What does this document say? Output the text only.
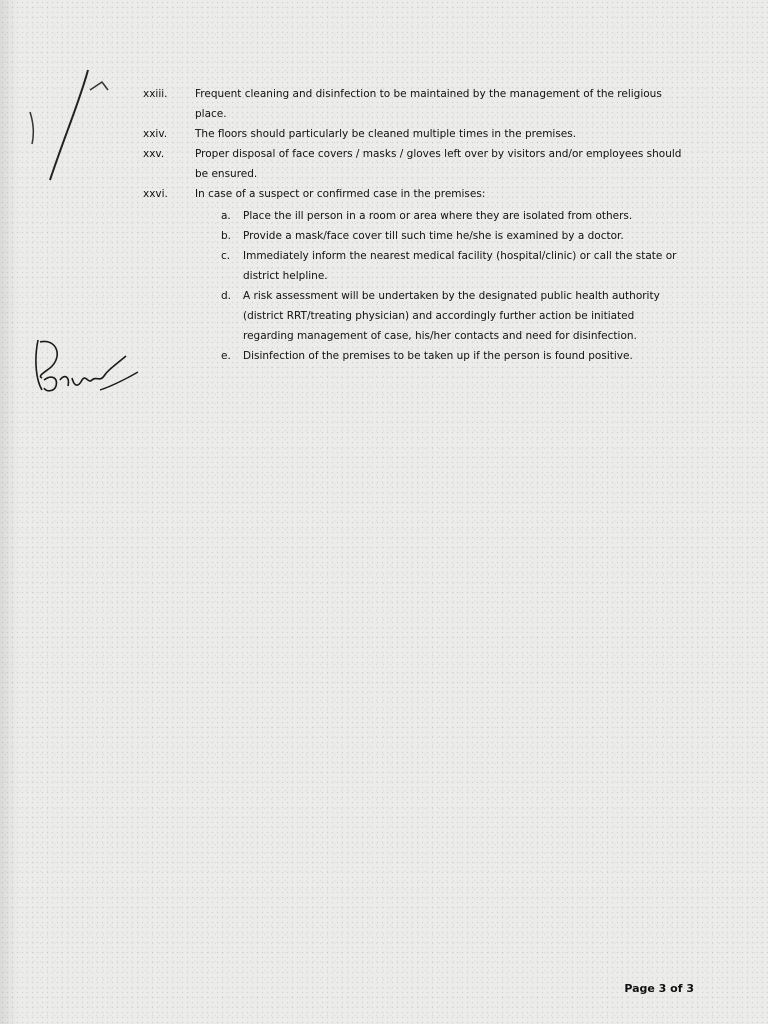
xxiii.	Frequent cleaning and disinfection to be maintained by the management of the religious place.
xxiv.	The floors should particularly be cleaned multiple times in the premises.
xxv.	Proper disposal of face covers / masks / gloves left over by visitors and/or employees should be ensured.
xxvi.	In case of a suspect or confirmed case in the premises:
a. Place the ill person in a room or area where they are isolated from others.
b. Provide a mask/face cover till such time he/she is examined by a doctor.
c. Immediately inform the nearest medical facility (hospital/clinic) or call the state or district helpline.
d. A risk assessment will be undertaken by the designated public health authority (district RRT/treating physician) and accordingly further action be initiated regarding management of case, his/her contacts and need for disinfection.
e. Disinfection of the premises to be taken up if the person is found positive.
Page 3 of 3
